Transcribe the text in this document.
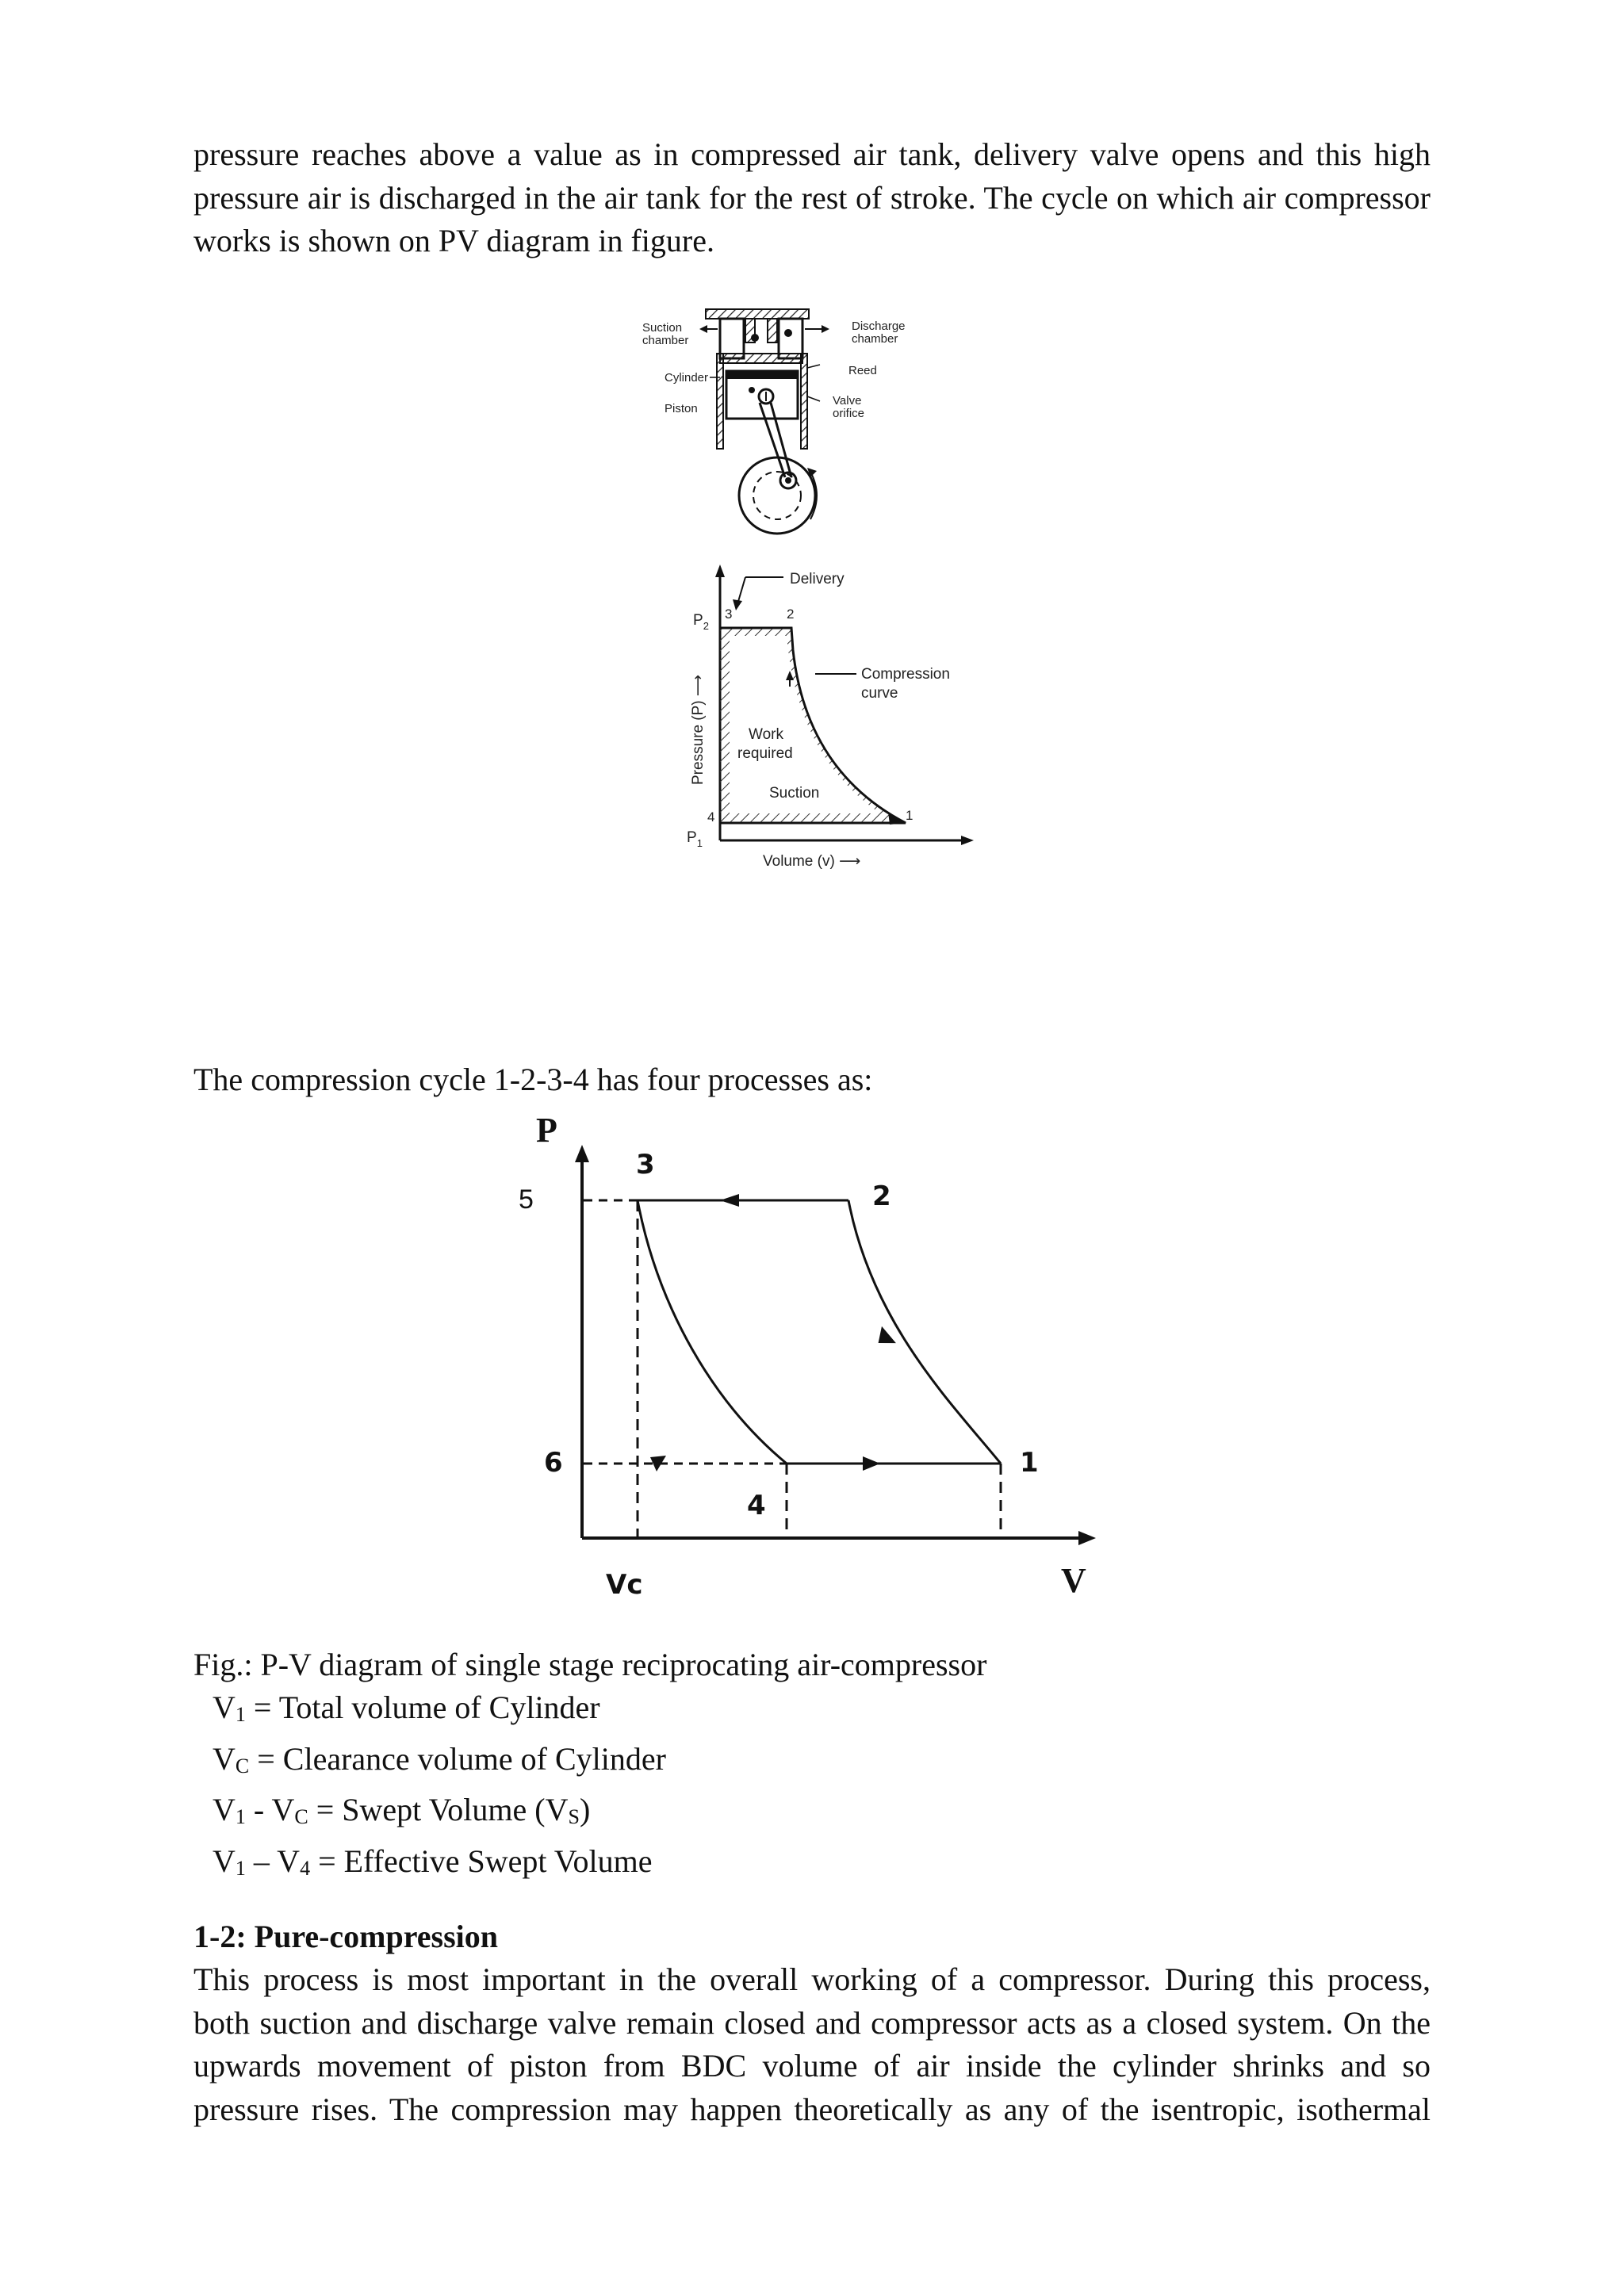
pressure reaches above a value as in compressed air tank, delivery valve opens and this high
pressure air is discharged in the air tank for the rest of stroke. The cycle on which air compressor
works is shown on PV diagram in figure.

Suction
chamber
Discharge
chamber
Reed
Cylinder
Valve
orifice
Piston
Delivery
$P_2$
3	2
Compression
curve
Work
required
Suction
4	1
$P_1$
Pressure (P) ⟶
Volume (v) ⟶
The compression cycle 1-2-3-4 has four processes as:
P
V
Vc
3
2
1
4
5
6
Fig.: P-V diagram of single stage reciprocating air-compressor
$V_1$ = Total volume of Cylinder
$V_C$ = Clearance volume of Cylinder
$V_1 - V_C$ = Swept Volume $(V_S)$
$V_1 - V_4$ = Effective Swept Volume
1-2: Pure-compression

This process is most important in the overall working of a compressor. During this process,
both suction and discharge valve remain closed and compressor acts as a closed system. On the
upwards movement of piston from BDC volume of air inside the cylinder shrinks and so
pressure rises. The compression may happen theoretically as any of the isentropic, isothermal
